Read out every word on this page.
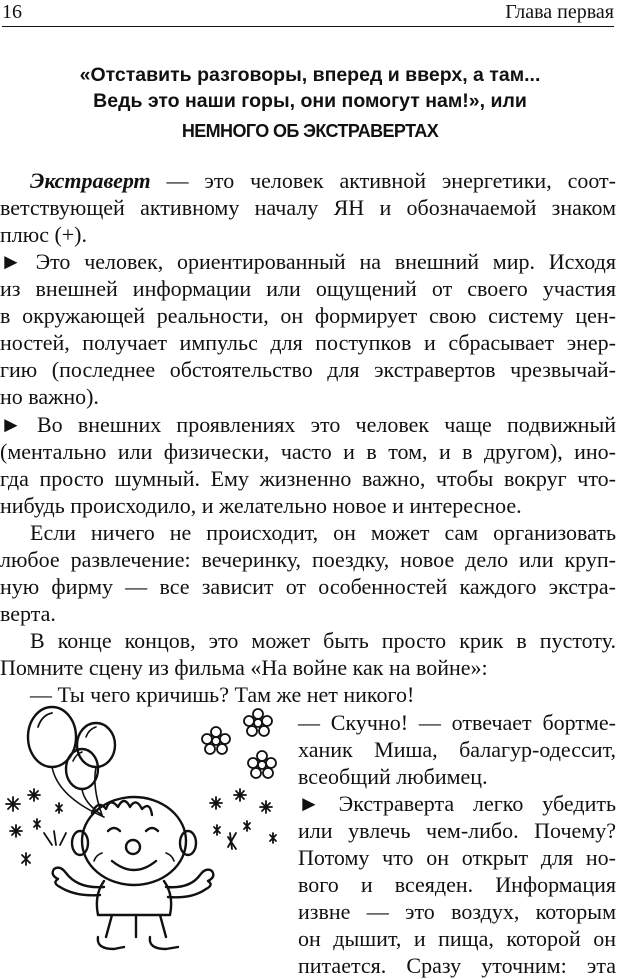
16	Глава первая
«Отставить разговоры, вперед и вверх, а там...
Ведь это наши горы, они помогут нам!», или
НЕМНОГО ОБ ЭКСТРАВЕРТАХ
Экстраверт — это человек активной энергетики, соот-
ветствующей активному началу ЯН и обозначаемой знаком
плюс (+).
► Это человек, ориентированный на внешний мир. Исходя
из внешней информации или ощущений от своего участия
в окружающей реальности, он формирует свою систему цен-
ностей, получает импульс для поступков и сбрасывает энер-
гию (последнее обстоятельство для экстравертов чрезвычай-
но важно).
► Во внешних проявлениях это человек чаще подвижный
(ментально или физически, часто и в том, и в другом), ино-
гда просто шумный. Ему жизненно важно, чтобы вокруг что-
нибудь происходило, и желательно новое и интересное.
Если ничего не происходит, он может сам организовать
любое развлечение: вечеринку, поездку, новое дело или круп-
ную фирму — все зависит от особенностей каждого экстра-
верта.
В конце концов, это может быть просто крик в пустоту.
Помните сцену из фильма «На войне как на войне»:
— Ты чего кричишь? Там же нет никого!
— Скучно! — отвечает бортме-
ханик Миша, балагур-одессит,
всеобщий любимец.
► Экстраверта легко убедить
или увлечь чем-либо. Почему?
Потому что он открыт для но-
вого и всеяден. Информация
извне — это воздух, которым
он дышит, и пища, которой он
питается. Сразу уточним: эта
